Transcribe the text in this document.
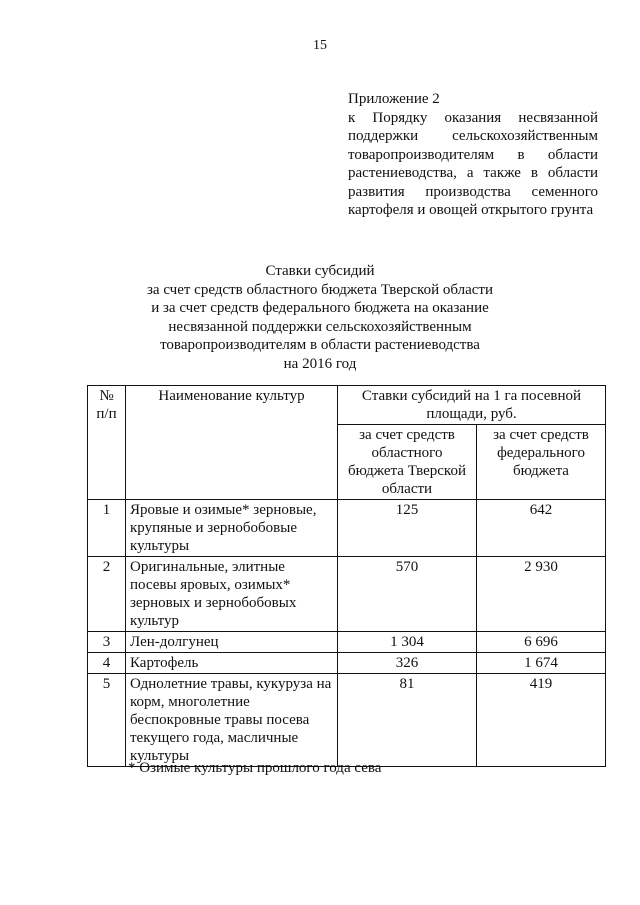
15
Приложение 2
к Порядку оказания несвязанной поддержки сельскохозяйственным товаропроизводителям в области растениеводства, а также в области развития производства семенного картофеля и овощей открытого грунта
Ставки субсидий
за счет средств областного бюджета Тверской области
и за счет средств федерального бюджета на оказание
несвязанной поддержки сельскохозяйственным
товаропроизводителям в области растениеводства
на 2016 год
№ п/п	Наименование культур	Ставки субсидий на 1 га посевной площади, руб.	
		за счет средств областного бюджета Тверской области	за счет средств федерального бюджета
1	Яровые и озимые* зерновые, крупяные и зернобобовые культуры	125	642
2	Оригинальные, элитные посевы яровых, озимых* зерновых и зернобобовых культур	570	2 930
3	Лен-долгунец	1 304	6 696
4	Картофель	326	1 674
5	Однолетние травы, кукуруза на корм, многолетние беспокровные травы посева текущего года, масличные культуры	81	419
* Озимые культуры прошлого года сева
